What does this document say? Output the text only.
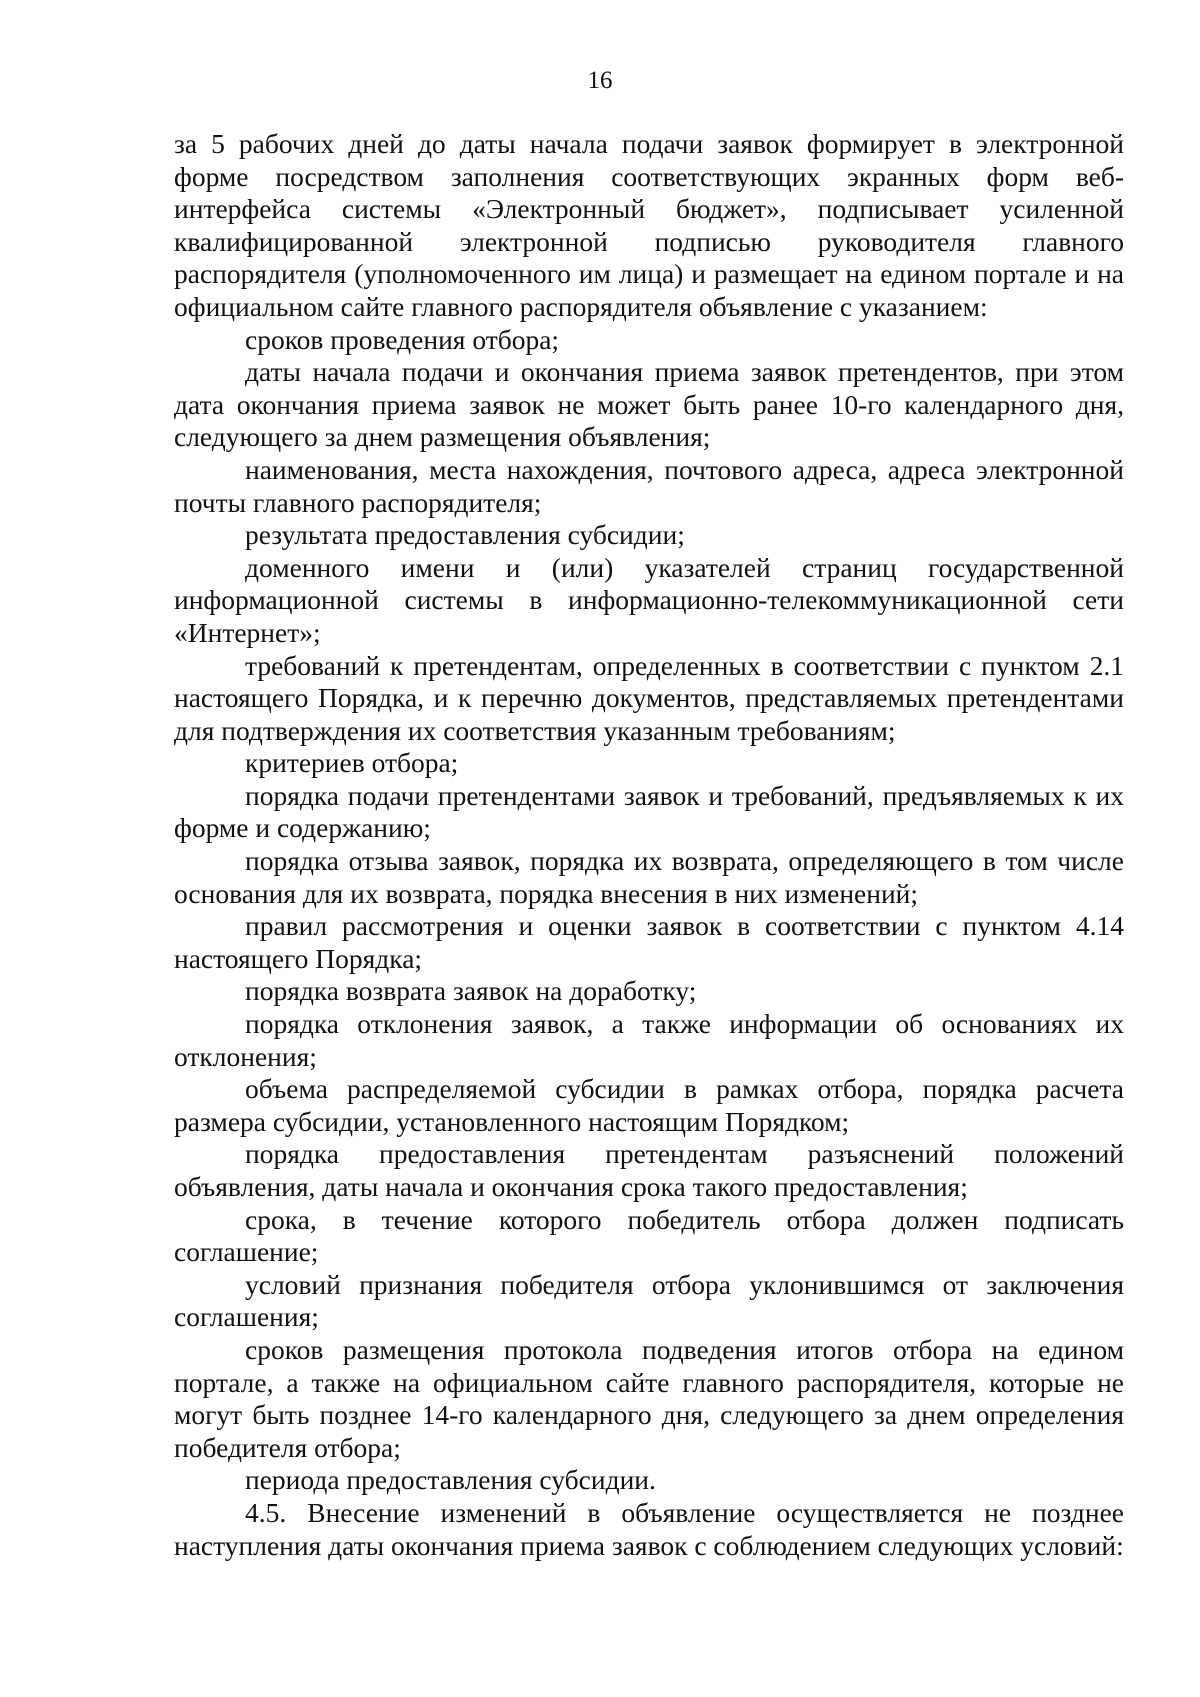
16

за 5 рабочих дней до даты начала подачи заявок формирует в электронной форме посредством заполнения соответствующих экранных форм веб-интерфейса системы «Электронный бюджет», подписывает усиленной квалифицированной электронной подписью руководителя главного распорядителя (уполномоченного им лица) и размещает на едином портале и на официальном сайте главного распорядителя объявление с указанием:

сроков проведения отбора;

даты начала подачи и окончания приема заявок претендентов, при этом дата окончания приема заявок не может быть ранее 10-го календарного дня, следующего за днем размещения объявления;

наименования, места нахождения, почтового адреса, адреса электронной почты главного распорядителя;

результата предоставления субсидии;

доменного имени и (или) указателей страниц государственной информационной системы в информационно-телекоммуникационной сети «Интернет»;

требований к претендентам, определенных в соответствии с пунктом 2.1 настоящего Порядка, и к перечню документов, представляемых претендентами для подтверждения их соответствия указанным требованиям;

критериев отбора;

порядка подачи претендентами заявок и требований, предъявляемых к их форме и содержанию;

порядка отзыва заявок, порядка их возврата, определяющего в том числе основания для их возврата, порядка внесения в них изменений;

правил рассмотрения и оценки заявок в соответствии с пунктом 4.14 настоящего Порядка;

порядка возврата заявок на доработку;

порядка отклонения заявок, а также информации об основаниях их отклонения;

объема распределяемой субсидии в рамках отбора, порядка расчета размера субсидии, установленного настоящим Порядком;

порядка предоставления претендентам разъяснений положений объявления, даты начала и окончания срока такого предоставления;

срока, в течение которого победитель отбора должен подписать соглашение;

условий признания победителя отбора уклонившимся от заключения соглашения;

сроков размещения протокола подведения итогов отбора на едином портале, а также на официальном сайте главного распорядителя, которые не могут быть позднее 14-го календарного дня, следующего за днем определения победителя отбора;

периода предоставления субсидии.

4.5. Внесение изменений в объявление осуществляется не позднее наступления даты окончания приема заявок с соблюдением следующих условий:
